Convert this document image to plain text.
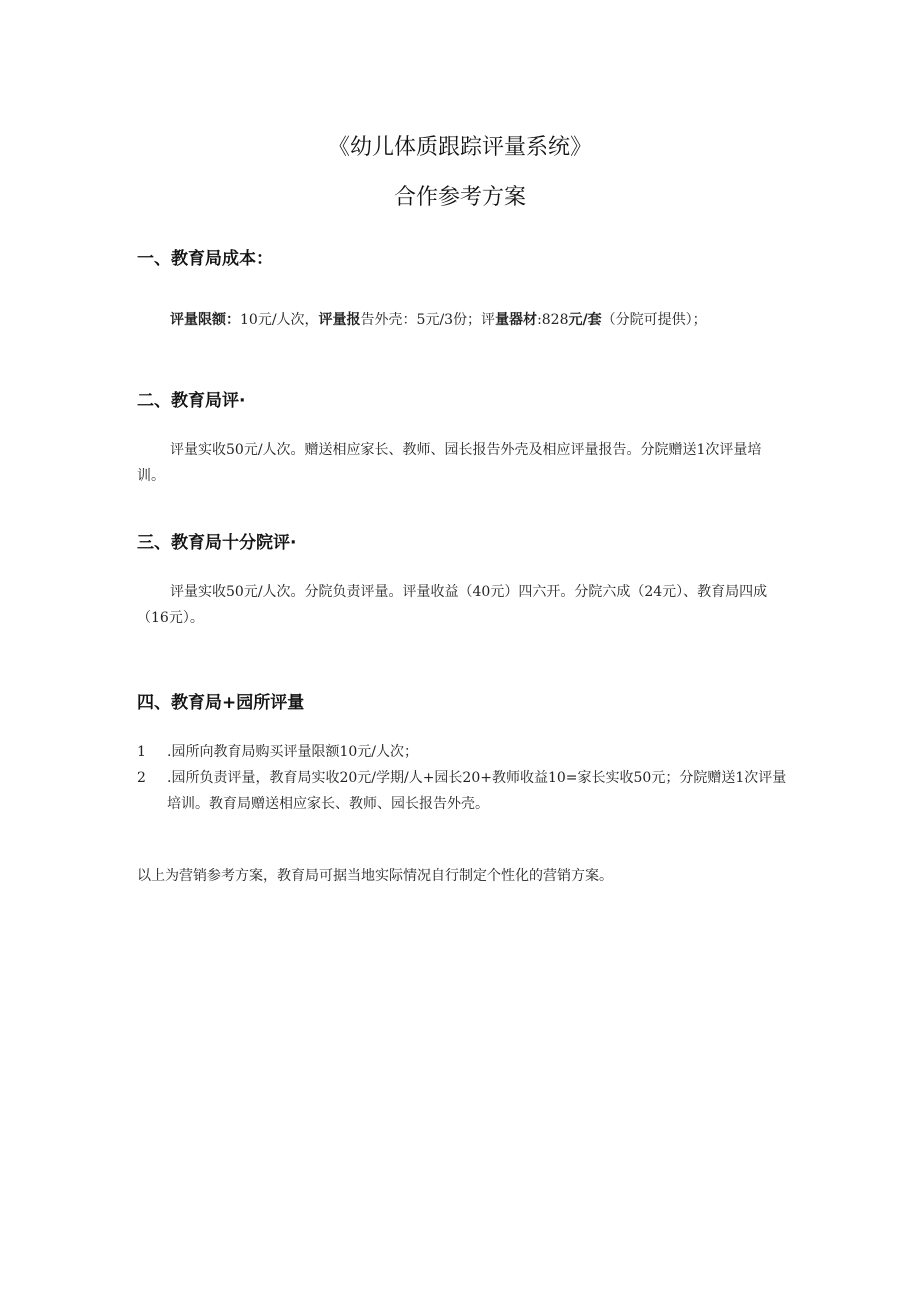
《幼儿体质跟踪评量系统》
合作参考方案
一、教育局成本：
评量限额：10元/人次，评量报告外壳：5元/3份；评量器材:828元/套（分院可提供）；
二、教育局评·
评量实收50元/人次。赠送相应家长、教师、园长报告外壳及相应评量报告。分院赠送1次评量培训。
三、教育局十分院评·
评量实收50元/人次。分院负责评量。评量收益（40元）四六开。分院六成（24元）、教育局四成（16元）。
四、教育局+园所评量
1	.园所向教育局购买评量限额10元/人次；
2	.园所负责评量，教育局实收20元/学期/人+园长20+教师收益10=家长实收50元；分院赠送1次评量培训。教育局赠送相应家长、教师、园长报告外壳。
以上为营销参考方案，教育局可据当地实际情况自行制定个性化的营销方案。
